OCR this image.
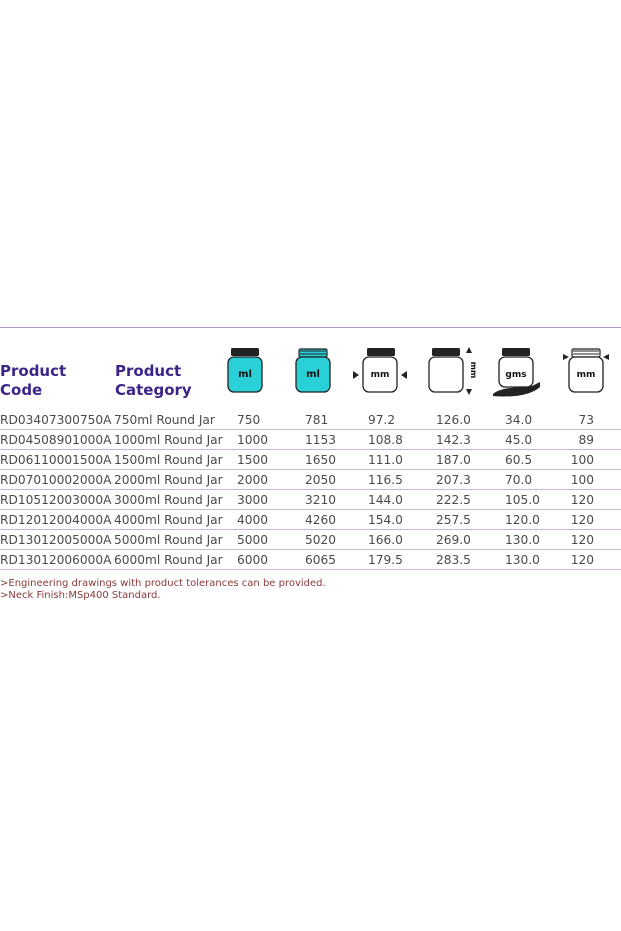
Product
Code
Product
Category
ml	ml	mm	mm	gms	mm
RD03407300750A 750ml Round Jar 750	781	97.2	126.0	34.0	73
RD04508901000A 1000ml Round Jar 1000	1153	108.8	142.3	45.0	89
RD06110001500A 1500ml Round Jar 1500	1650	111.0	187.0	60.5	100
RD07010002000A 2000ml Round Jar 2000	2050	116.5	207.3	70.0	100
RD10512003000A 3000ml Round Jar 3000	3210	144.0	222.5	105.0	120
RD12012004000A 4000ml Round Jar 4000	4260	154.0	257.5	120.0	120
RD13012005000A 5000ml Round Jar 5000	5020	166.0	269.0	130.0	120
RD13012006000A 6000ml Round Jar 6000	6065	179.5	283.5	130.0	120
>Engineering drawings with product tolerances can be provided.
>Neck Finish:MSp400 Standard.
